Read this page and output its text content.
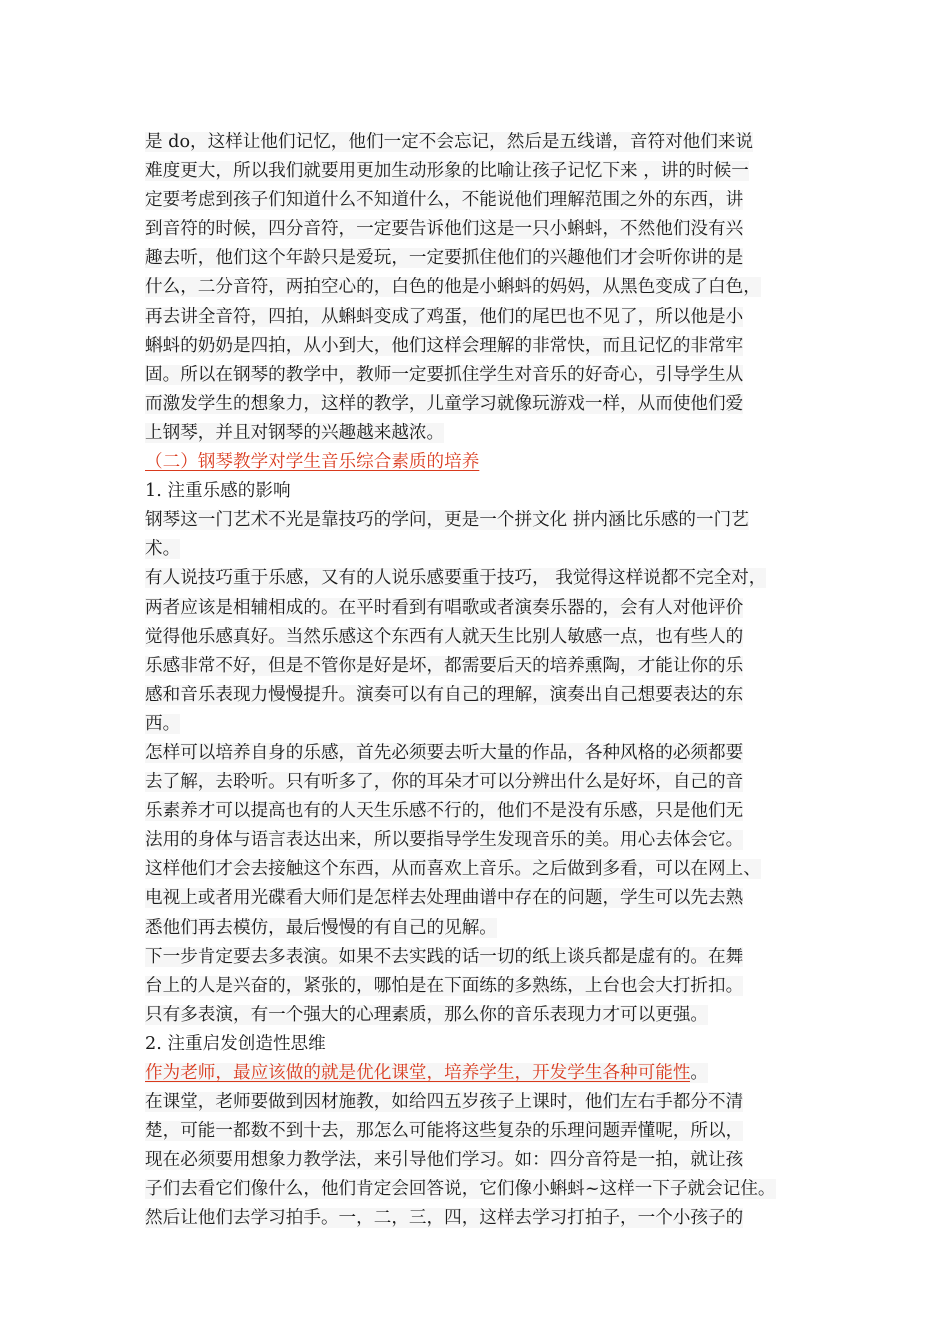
是 do，这样让他们记忆，他们一定不会忘记，然后是五线谱，音符对他们来说
难度更大，所以我们就要用更加生动形象的比喻让孩子记忆下来 ，讲的时候一
定要考虑到孩子们知道什么不知道什么，不能说他们理解范围之外的东西，讲
到音符的时候，四分音符，一定要告诉他们这是一只小蝌蚪，不然他们没有兴
趣去听，他们这个年龄只是爱玩，一定要抓住他们的兴趣他们才会听你讲的是
什么，二分音符，两拍空心的，白色的他是小蝌蚪的妈妈，从黑色变成了白色，
再去讲全音符，四拍，从蝌蚪变成了鸡蛋，他们的尾巴也不见了，所以他是小
蝌蚪的奶奶是四拍，从小到大，他们这样会理解的非常快，而且记忆的非常牢
固。所以在钢琴的教学中，教师一定要抓住学生对音乐的好奇心，引导学生从
而激发学生的想象力，这样的教学，儿童学习就像玩游戏一样，从而使他们爱
上钢琴，并且对钢琴的兴趣越来越浓。
（二）钢琴教学对学生音乐综合素质的培养
1. 注重乐感的影响
钢琴这一门艺术不光是靠技巧的学问，更是一个拼文化 拼内涵比乐感的一门艺
术。
有人说技巧重于乐感，又有的人说乐感要重于技巧， 我觉得这样说都不完全对，
两者应该是相辅相成的。在平时看到有唱歌或者演奏乐器的，会有人对他评价
觉得他乐感真好。当然乐感这个东西有人就天生比别人敏感一点，也有些人的
乐感非常不好，但是不管你是好是坏，都需要后天的培养熏陶，才能让你的乐
感和音乐表现力慢慢提升。演奏可以有自己的理解，演奏出自己想要表达的东
西。
怎样可以培养自身的乐感，首先必须要去听大量的作品，各种风格的必须都要
去了解，去聆听。只有听多了，你的耳朵才可以分辨出什么是好坏，自己的音
乐素养才可以提高也有的人天生乐感不行的，他们不是没有乐感，只是他们无
法用的身体与语言表达出来，所以要指导学生发现音乐的美。用心去体会它。
这样他们才会去接触这个东西，从而喜欢上音乐。之后做到多看，可以在网上、
电视上或者用光碟看大师们是怎样去处理曲谱中存在的问题，学生可以先去熟
悉他们再去模仿，最后慢慢的有自己的见解。
下一步肯定要去多表演。如果不去实践的话一切的纸上谈兵都是虚有的。在舞
台上的人是兴奋的，紧张的，哪怕是在下面练的多熟练，上台也会大打折扣。
只有多表演，有一个强大的心理素质，那么你的音乐表现力才可以更强。
2. 注重启发创造性思维
作为老师，最应该做的就是优化课堂，培养学生，开发学生各种可能性。
在课堂，老师要做到因材施教，如给四五岁孩子上课时，他们左右手都分不清
楚，可能一都数不到十去，那怎么可能将这些复杂的乐理问题弄懂呢，所以，
现在必须要用想象力教学法，来引导他们学习。如：四分音符是一拍，就让孩
子们去看它们像什么，他们肯定会回答说，它们像小蝌蚪~这样一下子就会记住。
然后让他们去学习拍手。一，二，三，四，这样去学习打拍子，一个小孩子的
